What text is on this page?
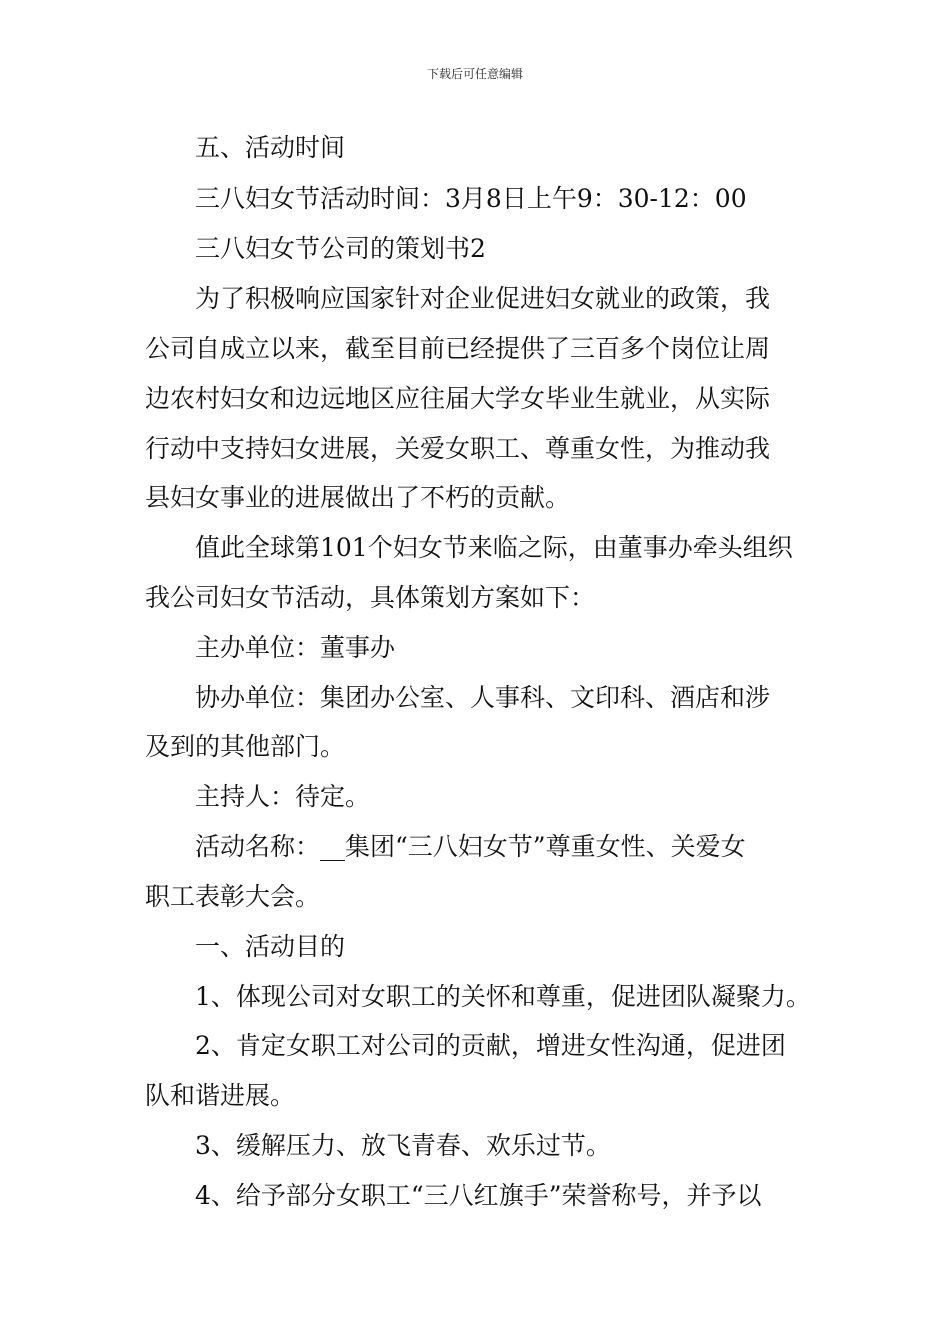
下载后可任意编辑
五、活动时间
三八妇女节活动时间：3月8日上午9：30-12：00
三八妇女节公司的策划书2
为了积极响应国家针对企业促进妇女就业的政策，我
公司自成立以来，截至目前已经提供了三百多个岗位让周
边农村妇女和边远地区应往届大学女毕业生就业，从实际
行动中支持妇女进展，关爱女职工、尊重女性，为推动我
县妇女事业的进展做出了不朽的贡献。
值此全球第101个妇女节来临之际，由董事办牵头组织
我公司妇女节活动，具体策划方案如下：
主办单位：董事办
协办单位：集团办公室、人事科、文印科、酒店和涉
及到的其他部门。
主持人：待定。
活动名称：__集团“三八妇女节”尊重女性、关爱女
职工表彰大会。
一、活动目的
1、体现公司对女职工的关怀和尊重，促进团队凝聚力。
2、肯定女职工对公司的贡献，增进女性沟通，促进团
队和谐进展。
3、缓解压力、放飞青春、欢乐过节。
4、给予部分女职工“三八红旗手”荣誉称号，并予以
